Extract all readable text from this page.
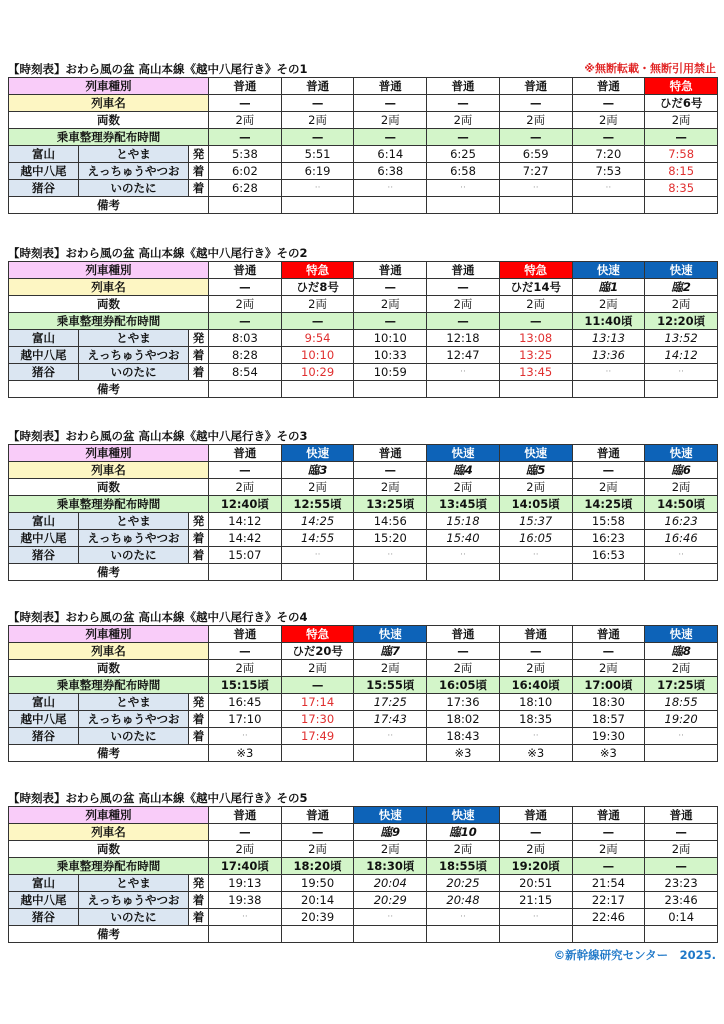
※無断転載・無断引用禁止
【時刻表】おわら風の盆 高山本線《越中八尾行き》その1
列車種別			普通	普通	普通	普通	普通	普通	特急
列車名			—	—	—	—	—	—	ひだ6号
両数			2両	2両	2両	2両	2両	2両	2両
乗車整理券配布時間			—	—	—	—	—	—	—
富山	とやま	発	5:38	5:51	6:14	6:25	6:59	7:20	7:58
越中八尾	えっちゅうやつお	着	6:02	6:19	6:38	6:58	7:27	7:53	8:15
猪谷	いのたに	着	6:28	··	··	··	··	··	8:35
備考									
【時刻表】おわら風の盆 高山本線《越中八尾行き》その2
列車種別			普通	特急	普通	普通	特急	快速	快速
列車名			—	ひだ8号	—	—	ひだ14号	臨1	臨2
両数			2両	2両	2両	2両	2両	2両	2両
乗車整理券配布時間			—	—	—	—	—	11:40頃	12:20頃
富山	とやま	発	8:03	9:54	10:10	12:18	13:08	13:13	13:52
越中八尾	えっちゅうやつお	着	8:28	10:10	10:33	12:47	13:25	13:36	14:12
猪谷	いのたに	着	8:54	10:29	10:59	··	13:45	··	··
備考									
【時刻表】おわら風の盆 高山本線《越中八尾行き》その3
列車種別			普通	快速	普通	快速	快速	普通	快速
列車名			—	臨3	—	臨4	臨5	—	臨6
両数			2両	2両	2両	2両	2両	2両	2両
乗車整理券配布時間			12:40頃	12:55頃	13:25頃	13:45頃	14:05頃	14:25頃	14:50頃
富山	とやま	発	14:12	14:25	14:56	15:18	15:37	15:58	16:23
越中八尾	えっちゅうやつお	着	14:42	14:55	15:20	15:40	16:05	16:23	16:46
猪谷	いのたに	着	15:07	··	··	··	··	16:53	··
備考									
【時刻表】おわら風の盆 高山本線《越中八尾行き》その4
列車種別			普通	特急	快速	普通	普通	普通	快速
列車名			—	ひだ20号	臨7	—	—	—	臨8
両数			2両	2両	2両	2両	2両	2両	2両
乗車整理券配布時間			15:15頃	—	15:55頃	16:05頃	16:40頃	17:00頃	17:25頃
富山	とやま	発	16:45	17:14	17:25	17:36	18:10	18:30	18:55
越中八尾	えっちゅうやつお	着	17:10	17:30	17:43	18:02	18:35	18:57	19:20
猪谷	いのたに	着	··	17:49	··	18:43	··	19:30	··
備考			※3			※3	※3	※3	
【時刻表】おわら風の盆 高山本線《越中八尾行き》その5
列車種別			普通	普通	快速	快速	普通	普通	普通
列車名			—	—	臨9	臨10	—	—	—
両数			2両	2両	2両	2両	2両	2両	2両
乗車整理券配布時間			17:40頃	18:20頃	18:30頃	18:55頃	19:20頃	—	—
富山	とやま	発	19:13	19:50	20:04	20:25	20:51	21:54	23:23
越中八尾	えっちゅうやつお	着	19:38	20:14	20:29	20:48	21:15	22:17	23:46
猪谷	いのたに	着	··	20:39	··	··	··	22:46	0:14
備考									
©新幹線研究センター　2025.
